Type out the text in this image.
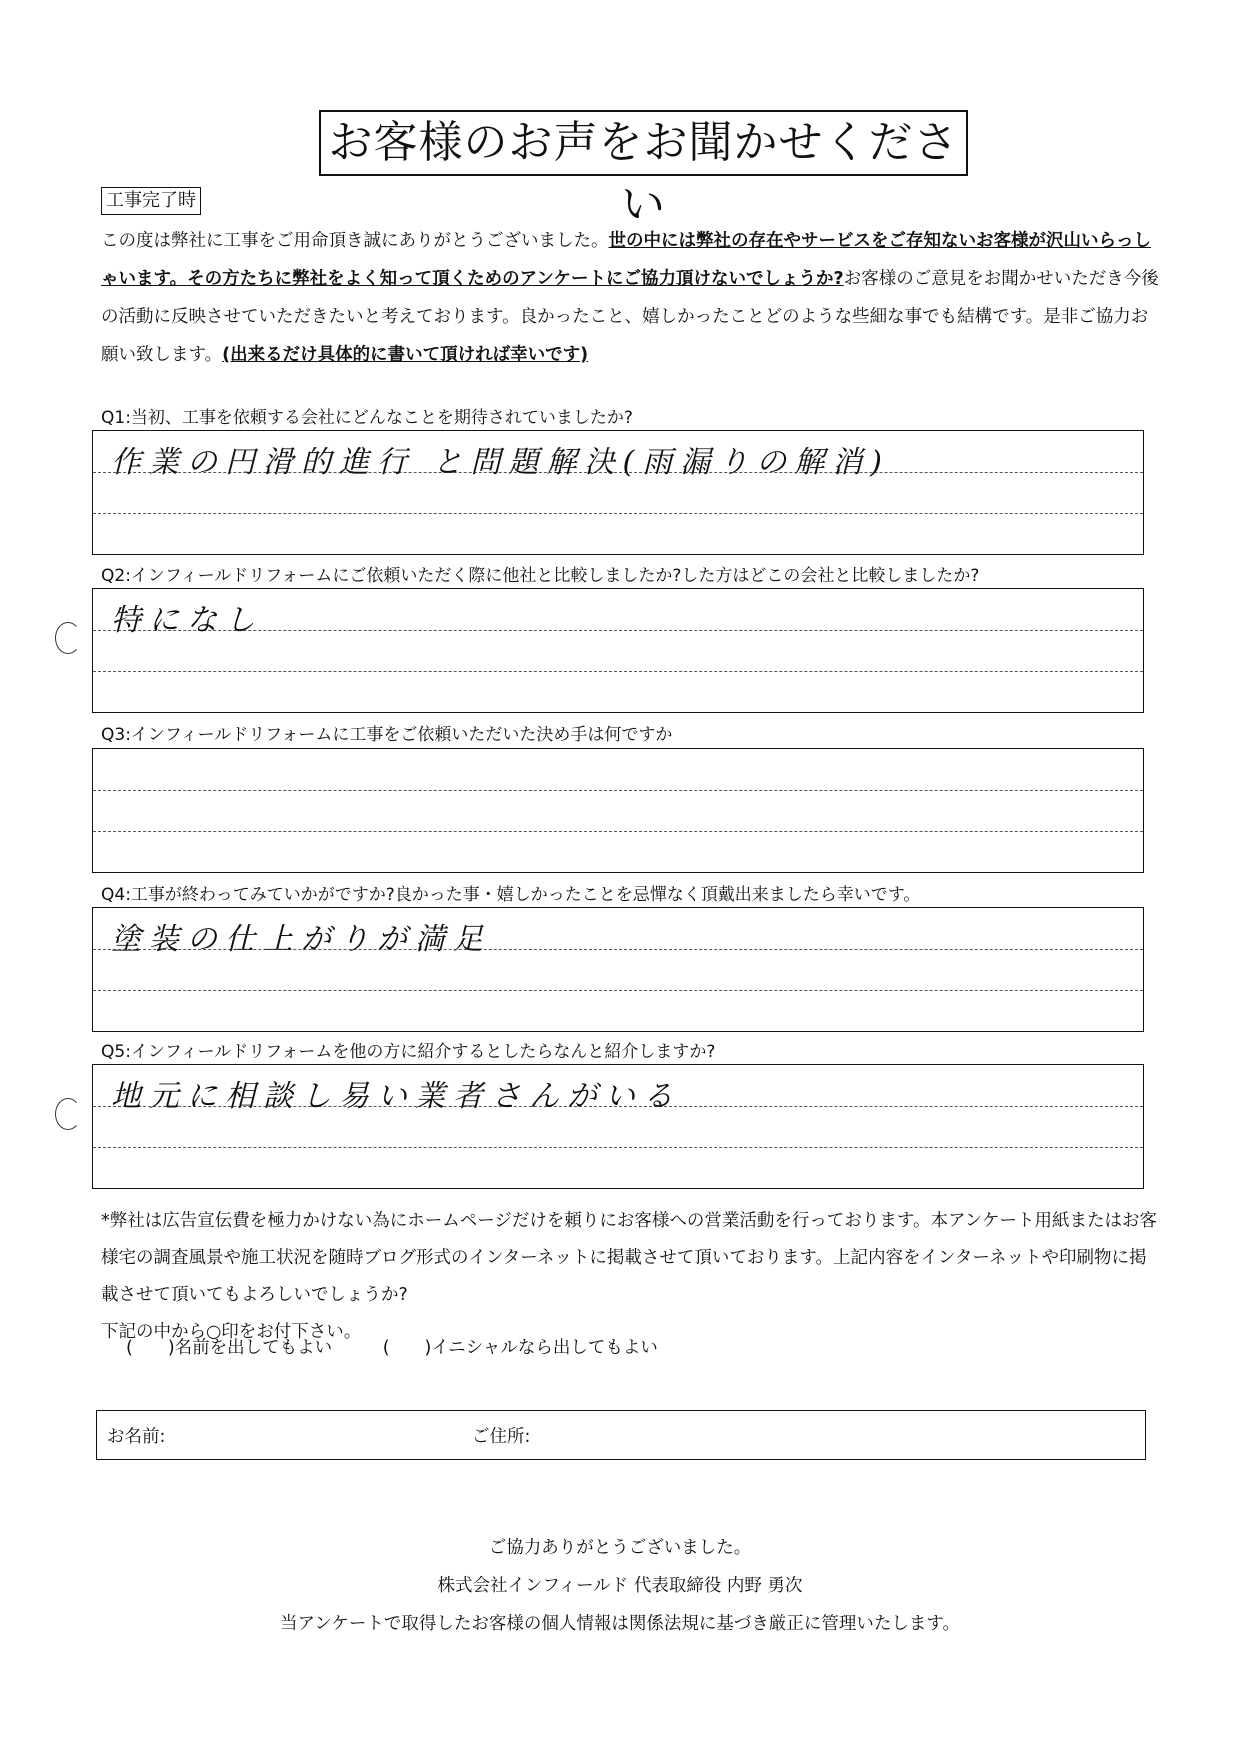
お客様のお声をお聞かせください
工事完了時
この度は弊社に工事をご用命頂き誠にありがとうございました。世の中には弊社の存在やサービスをご存知ないお客様が沢山いらっしゃいます。その方たちに弊社をよく知って頂くためのアンケートにご協力頂けないでしょうか?お客様のご意見をお聞かせいただき今後の活動に反映させていただきたいと考えております。良かったこと、嬉しかったことどのような些細な事でも結構です。是非ご協力お願い致します。(出来るだけ具体的に書いて頂ければ幸いです)
Q1:当初、工事を依頼する会社にどんなことを期待されていましたか?
作業の円滑的進行 と問題解決(雨漏りの解消)
Q2:インフィールドリフォームにご依頼いただく際に他社と比較しましたか?した方はどこの会社と比較しましたか?
特になし
Q3:インフィールドリフォームに工事をご依頼いただいた決め手は何ですか
Q4:工事が終わってみていかがですか?良かった事・嬉しかったことを忌憚なく頂戴出来ましたら幸いです。
塗装の仕上がりが満足
Q5:インフィールドリフォームを他の方に紹介するとしたらなんと紹介しますか?
地元に相談し易い業者さんがいる
*弊社は広告宣伝費を極力かけない為にホームページだけを頼りにお客様への営業活動を行っております。本アンケート用紙またはお客様宅の調査風景や施工状況を随時ブログ形式のインターネットに掲載させて頂いております。上記内容をインターネットや印刷物に掲載させて頂いてもよろしいでしょうか?
下記の中から○印をお付下さい。
(　　)名前を出してもよい	(　　)イニシャルなら出してもよい
お名前:	ご住所:
ご協力ありがとうございました。
株式会社インフィールド 代表取締役 内野 勇次
当アンケートで取得したお客様の個人情報は関係法規に基づき厳正に管理いたします。
